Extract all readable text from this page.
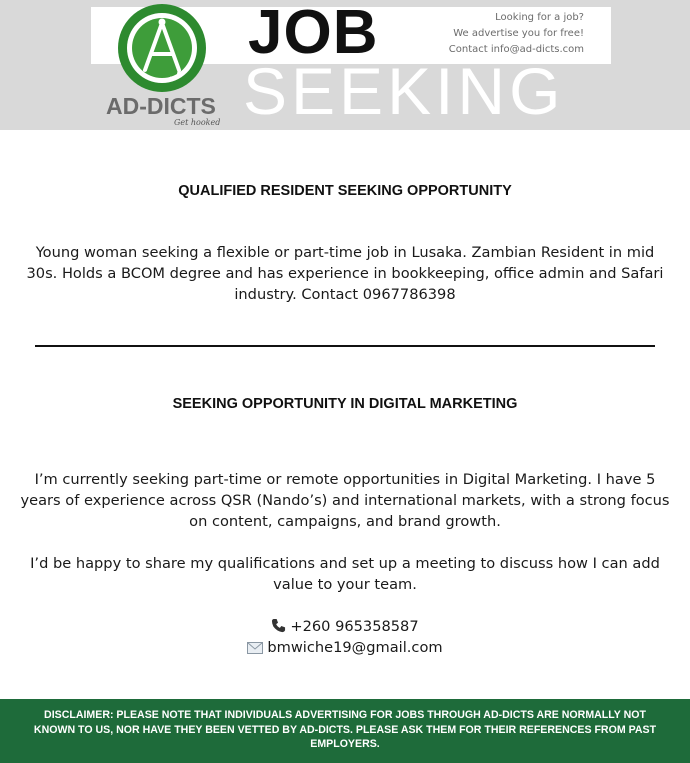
AD-DICTS
Get hooked
JOB
SEEKING
Looking for a job?
We advertise you for free!
Contact info@ad-dicts.com
QUALIFIED RESIDENT SEEKING OPPORTUNITY

Young woman seeking a flexible or part-time job in Lusaka. Zambian Resident in mid 30s. Holds a BCOM degree and has experience in bookkeeping, office admin and Safari industry. Contact 0967786398

SEEKING OPPORTUNITY IN DIGITAL MARKETING

I’m currently seeking part-time or remote opportunities in Digital Marketing. I have 5 years of experience across QSR (Nando’s) and international markets, with a strong focus on content, campaigns, and brand growth.

I’d be happy to share my qualifications and set up a meeting to discuss how I can add value to your team.

+260 965358587
bmwiche19@gmail.com
DISCLAIMER: PLEASE NOTE THAT INDIVIDUALS ADVERTISING FOR JOBS THROUGH AD-DICTS ARE NORMALLY NOT KNOWN TO US, NOR HAVE THEY BEEN VETTED BY AD-DICTS. PLEASE ASK THEM FOR THEIR REFERENCES FROM PAST EMPLOYERS.
